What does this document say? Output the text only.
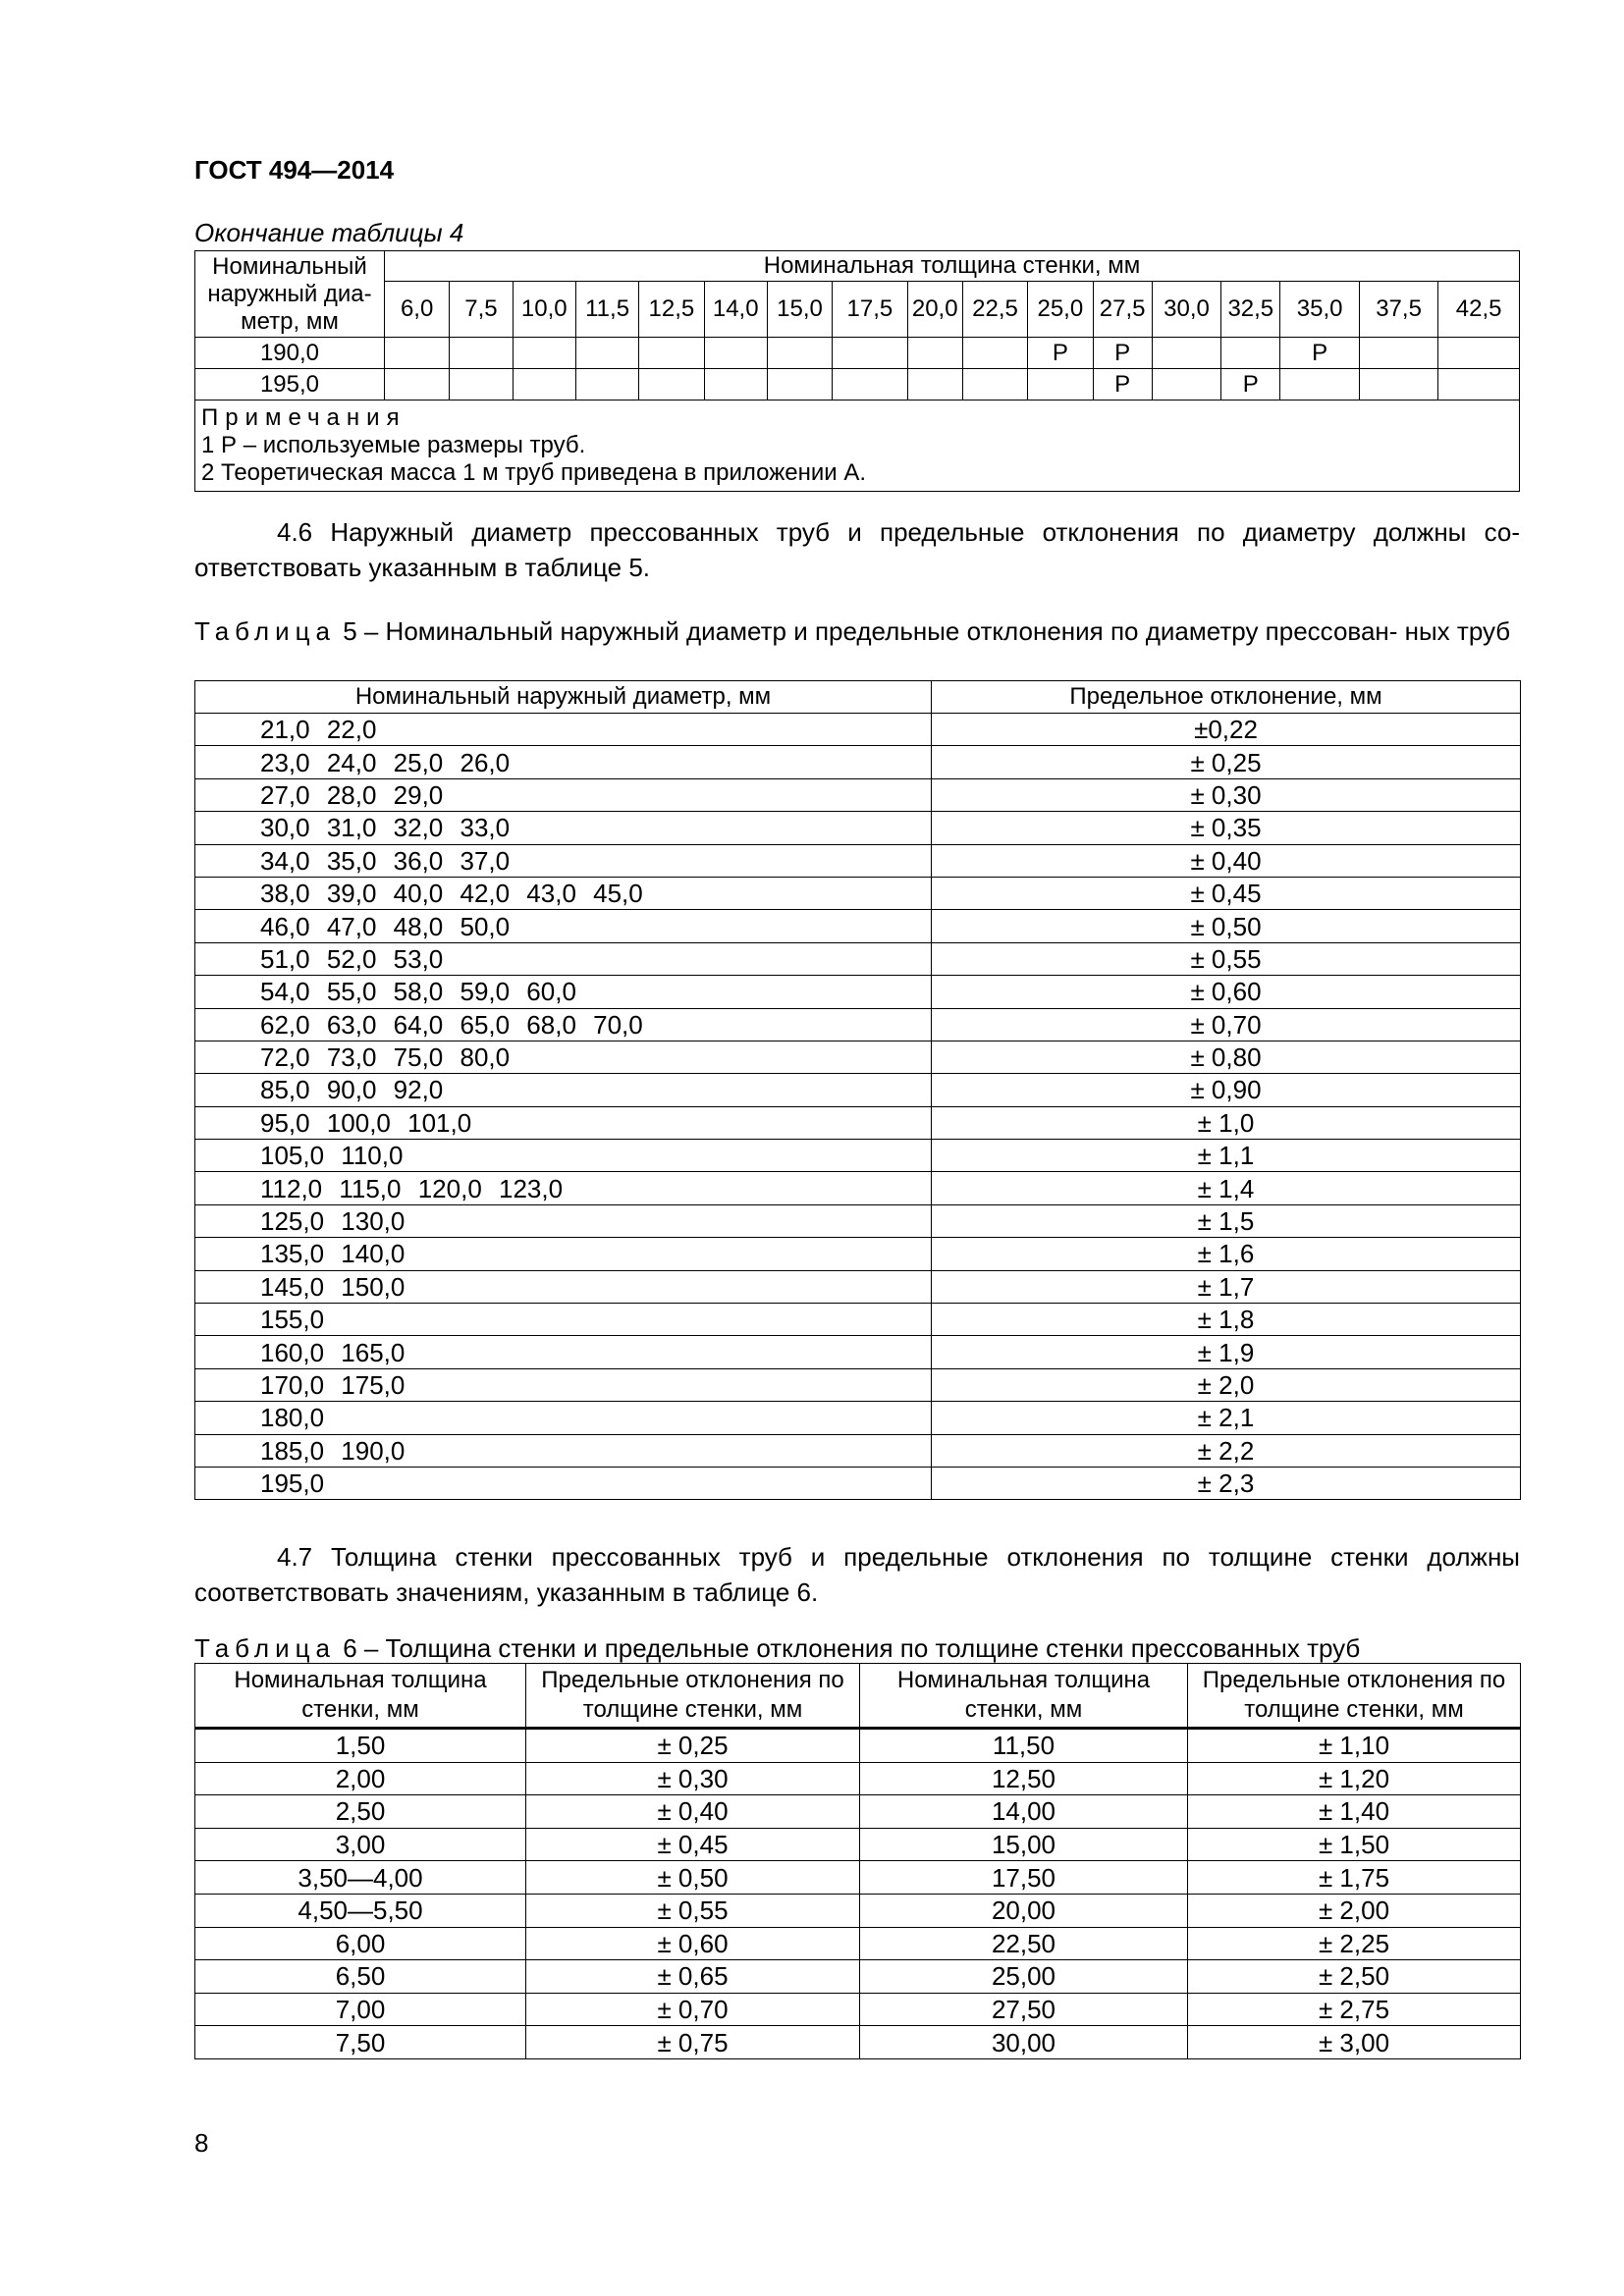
ГОСТ 494—2014
Окончание таблицы 4
Номинальный наружный диа- метр, мм	Номинальная толщина стенки, мм																
	6,0	7,5	10,0	11,5	12,5	14,0	15,0	17,5	20,0	22,5	25,0	27,5	30,0	32,5	35,0	37,5	42,5
190,0											Р	Р			Р		
195,0												Р		Р			

Примечания
1 Р – используемые размеры труб.
2 Теоретическая масса 1 м труб приведена в приложении А.																	
4.6 Наружный диаметр прессованных труб и предельные отклонения по диаметру должны со- ответствовать указанным в таблице 5.
Таблица 5 – Номинальный наружный диаметр и предельные отклонения по диаметру прессован- ных труб
Номинальный наружный диаметр, мм	Предельное отклонение, мм
21,0 22,0	±0,22
23,0 24,0 25,0 26,0	± 0,25
27,0 28,0 29,0	± 0,30
30,0 31,0 32,0 33,0	± 0,35
34,0 35,0 36,0 37,0	± 0,40
38,0 39,0 40,0 42,0 43,0 45,0	± 0,45
46,0 47,0 48,0 50,0	± 0,50
51,0 52,0 53,0	± 0,55
54,0 55,0 58,0 59,0 60,0	± 0,60
62,0 63,0 64,0 65,0 68,0 70,0	± 0,70
72,0 73,0 75,0 80,0	± 0,80
85,0 90,0 92,0	± 0,90
95,0 100,0 101,0	± 1,0
105,0 110,0	± 1,1
112,0 115,0 120,0 123,0	± 1,4
125,0 130,0	± 1,5
135,0 140,0	± 1,6
145,0 150,0	± 1,7
155,0	± 1,8
160,0 165,0	± 1,9
170,0 175,0	± 2,0
180,0	± 2,1
185,0 190,0	± 2,2
195,0	± 2,3
4.7 Толщина стенки прессованных труб и предельные отклонения по толщине стенки должны соответствовать значениям, указанным в таблице 6.
Таблица 6 – Толщина стенки и предельные отклонения по толщине стенки прессованных труб
Номинальная толщина стенки, мм	Предельные отклонения по толщине стенки, мм	Номинальная толщина стенки, мм	Предельные отклонения по толщине стенки, мм
1,50	± 0,25	11,50	± 1,10
2,00	± 0,30	12,50	± 1,20
2,50	± 0,40	14,00	± 1,40
3,00	± 0,45	15,00	± 1,50
3,50—4,00	± 0,50	17,50	± 1,75
4,50—5,50	± 0,55	20,00	± 2,00
6,00	± 0,60	22,50	± 2,25
6,50	± 0,65	25,00	± 2,50
7,00	± 0,70	27,50	± 2,75
7,50	± 0,75	30,00	± 3,00
8
